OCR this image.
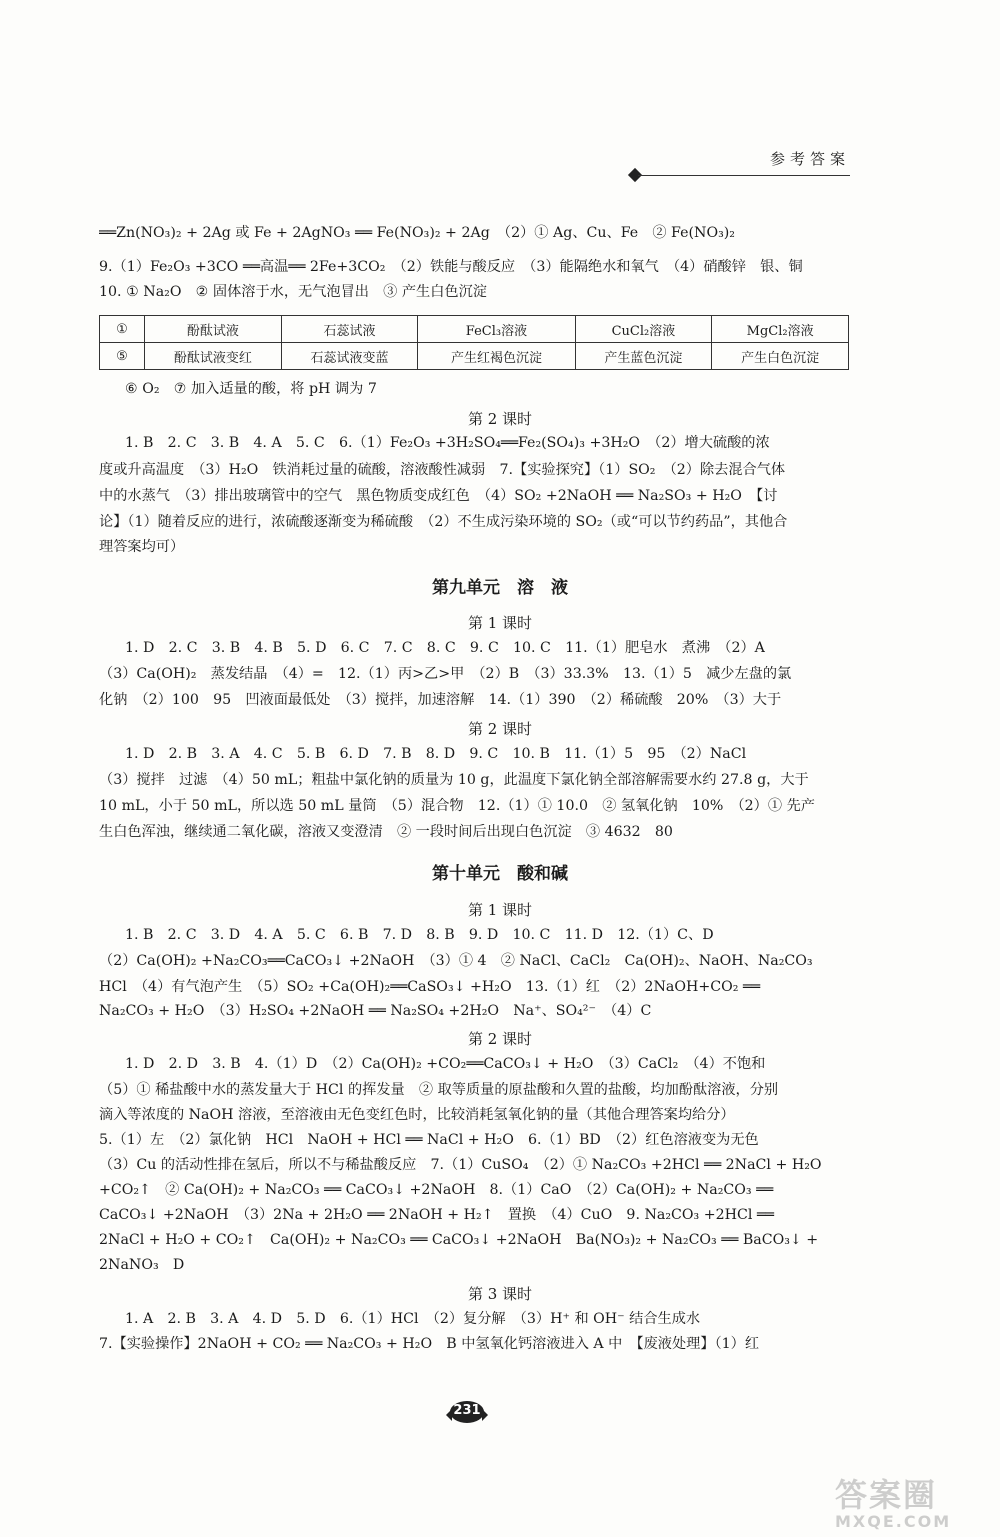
参考答案
══Zn(NO₃)₂ + 2Ag 或 Fe + 2AgNO₃ ══ Fe(NO₃)₂ + 2Ag　（2）① Ag、Cu、Fe　② Fe(NO₃)₂
9.（1）Fe₂O₃ +3CO ══高温══ 2Fe+3CO₂　（2）铁能与酸反应　（3）能隔绝水和氧气　（4）硝酸锌　银、铜
10. ① Na₂O　② 固体溶于水，无气泡冒出　③ 产生白色沉淀
①	酚酞试液	石蕊试液	FeCl₃溶液	CuCl₂溶液	MgCl₂溶液
⑤	酚酞试液变红	石蕊试液变蓝	产生红褐色沉淀	产生蓝色沉淀	产生白色沉淀
⑥ O₂　⑦ 加入适量的酸，将 pH 调为 7
第 2 课时
1. B　2. C　3. B　4. A　5. C　6.（1）Fe₂O₃ +3H₂SO₄══Fe₂(SO₄)₃ +3H₂O　（2）增大硫酸的浓
度或升高温度　（3）H₂O　铁消耗过量的硫酸，溶液酸性减弱　7.【实验探究】（1）SO₂　（2）除去混合气体
中的水蒸气　（3）排出玻璃管中的空气　黑色物质变成红色　（4）SO₂ +2NaOH ══ Na₂SO₃ + H₂O　【讨
论】（1）随着反应的进行，浓硫酸逐渐变为稀硫酸　（2）不生成污染环境的 SO₂（或“可以节约药品”，其他合
理答案均可）
第九单元　溶　液
第 1 课时
1. D　2. C　3. B　4. B　5. D　6. C　7. C　8. C　9. C　10. C　11.（1）肥皂水　煮沸　（2）A
（3）Ca(OH)₂　蒸发结晶　（4）=　12.（1）丙>乙>甲　（2）B　（3）33.3%　13.（1）5　减少左盘的氯
化钠　（2）100　95　凹液面最低处　（3）搅拌，加速溶解　14.（1）390　（2）稀硫酸　20%　（3）大于
第 2 课时
1. D　2. B　3. A　4. C　5. B　6. D　7. B　8. D　9. C　10. B　11.（1）5　95　（2）NaCl
（3）搅拌　过滤　（4）50 mL；粗盐中氯化钠的质量为 10 g，此温度下氯化钠全部溶解需要水约 27.8 g，大于
10 mL，小于 50 mL，所以选 50 mL 量筒　（5）混合物　12.（1）① 10.0　② 氢氧化钠　10%　（2）① 先产
生白色浑浊，继续通二氧化碳，溶液又变澄清　② 一段时间后出现白色沉淀　③ 4632　80
第十单元　酸和碱
第 1 课时
1. B　2. C　3. D　4. A　5. C　6. B　7. D　8. B　9. D　10. C　11. D　12.（1）C、D
（2）Ca(OH)₂ +Na₂CO₃══CaCO₃↓ +2NaOH　（3）① 4　② NaCl、CaCl₂　Ca(OH)₂、NaOH、Na₂CO₃
HCl　（4）有气泡产生　（5）SO₂ +Ca(OH)₂══CaSO₃↓ +H₂O　13.（1）红　（2）2NaOH+CO₂ ══
Na₂CO₃ + H₂O　（3）H₂SO₄ +2NaOH ══ Na₂SO₄ +2H₂O　Na⁺、SO₄²⁻　（4）C
第 2 课时
1. D　2. D　3. B　4.（1）D　（2）Ca(OH)₂ +CO₂══CaCO₃↓ + H₂O　（3）CaCl₂　（4）不饱和
（5）① 稀盐酸中水的蒸发量大于 HCl 的挥发量　② 取等质量的原盐酸和久置的盐酸，均加酚酞溶液，分别
滴入等浓度的 NaOH 溶液，至溶液由无色变红色时，比较消耗氢氧化钠的量（其他合理答案均给分）
5.（1）左　（2）氯化钠　HCl　NaOH + HCl ══ NaCl + H₂O　6.（1）BD　（2）红色溶液变为无色
（3）Cu 的活动性排在氢后，所以不与稀盐酸反应　7.（1）CuSO₄　（2）① Na₂CO₃ +2HCl ══ 2NaCl + H₂O
+CO₂↑　② Ca(OH)₂ + Na₂CO₃ ══ CaCO₃↓ +2NaOH　8.（1）CaO　（2）Ca(OH)₂ + Na₂CO₃ ══
CaCO₃↓ +2NaOH　（3）2Na + 2H₂O ══ 2NaOH + H₂↑　置换　（4）CuO　9. Na₂CO₃ +2HCl ══
2NaCl + H₂O + CO₂↑　Ca(OH)₂ + Na₂CO₃ ══ CaCO₃↓ +2NaOH　Ba(NO₃)₂ + Na₂CO₃ ══ BaCO₃↓ +
2NaNO₃　D
第 3 课时
1. A　2. B　3. A　4. D　5. D　6.（1）HCl　（2）复分解　（3）H⁺ 和 OH⁻ 结合生成水
7.【实验操作】2NaOH + CO₂ ══ Na₂CO₃ + H₂O　B 中氢氧化钙溶液进入 A 中　【废液处理】（1）红
231
答案圈
MXQE.COM
